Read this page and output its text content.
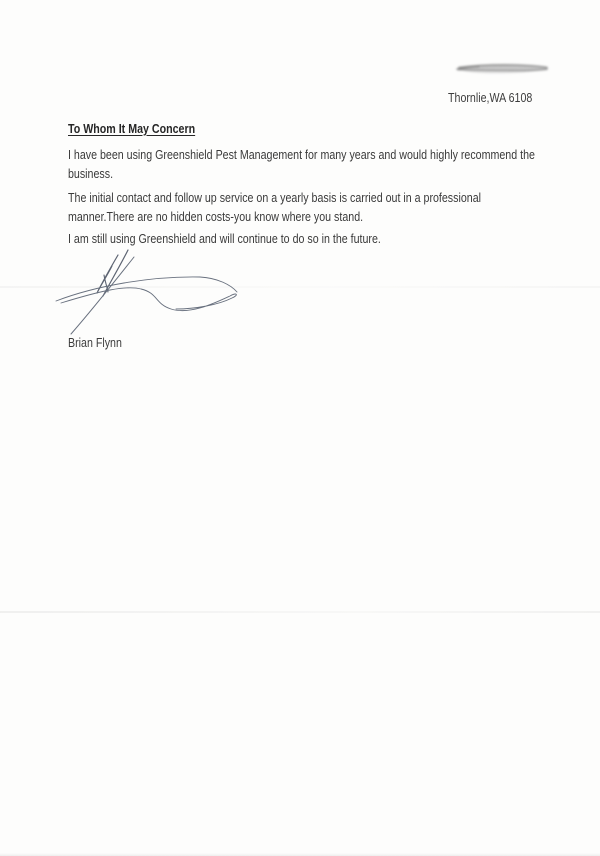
Thornlie,WA 6108
To Whom It May Concern
I have been using Greenshield Pest Management for many years and would highly recommend the
business.
The initial contact and follow up service on a yearly basis is carried out in a professional
manner.There are no hidden costs-you know where you stand.
I am still using Greenshield and will continue to do so in the future.
Brian Flynn
